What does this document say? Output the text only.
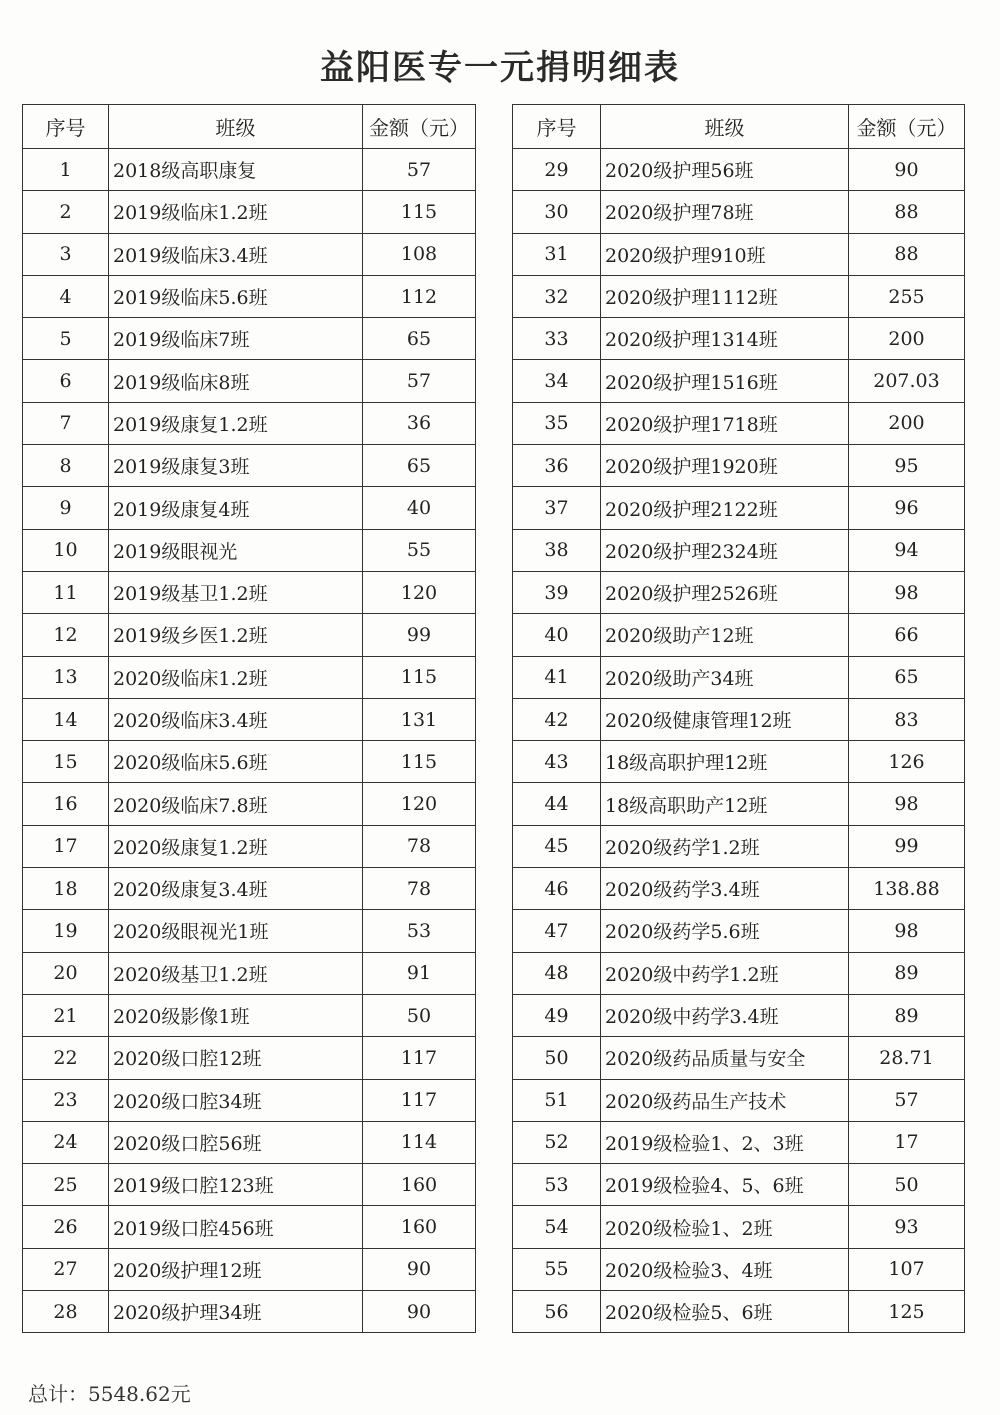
益阳医专一元捐明细表
序号	班级	金额（元）
1	2018级高职康复	57
2	2019级临床1.2班	115
3	2019级临床3.4班	108
4	2019级临床5.6班	112
5	2019级临床7班	65
6	2019级临床8班	57
7	2019级康复1.2班	36
8	2019级康复3班	65
9	2019级康复4班	40
10	2019级眼视光	55
11	2019级基卫1.2班	120
12	2019级乡医1.2班	99
13	2020级临床1.2班	115
14	2020级临床3.4班	131
15	2020级临床5.6班	115
16	2020级临床7.8班	120
17	2020级康复1.2班	78
18	2020级康复3.4班	78
19	2020级眼视光1班	53
20	2020级基卫1.2班	91
21	2020级影像1班	50
22	2020级口腔12班	117
23	2020级口腔34班	117
24	2020级口腔56班	114
25	2019级口腔123班	160
26	2019级口腔456班	160
27	2020级护理12班	90
28	2020级护理34班	90
序号	班级	金额（元）
29	2020级护理56班	90
30	2020级护理78班	88
31	2020级护理910班	88
32	2020级护理1112班	255
33	2020级护理1314班	200
34	2020级护理1516班	207.03
35	2020级护理1718班	200
36	2020级护理1920班	95
37	2020级护理2122班	96
38	2020级护理2324班	94
39	2020级护理2526班	98
40	2020级助产12班	66
41	2020级助产34班	65
42	2020级健康管理12班	83
43	18级高职护理12班	126
44	18级高职助产12班	98
45	2020级药学1.2班	99
46	2020级药学3.4班	138.88
47	2020级药学5.6班	98
48	2020级中药学1.2班	89
49	2020级中药学3.4班	89
50	2020级药品质量与安全	28.71
51	2020级药品生产技术	57
52	2019级检验1、2、3班	17
53	2019级检验4、5、6班	50
54	2020级检验1、2班	93
55	2020级检验3、4班	107
56	2020级检验5、6班	125
总计：5548.62元
